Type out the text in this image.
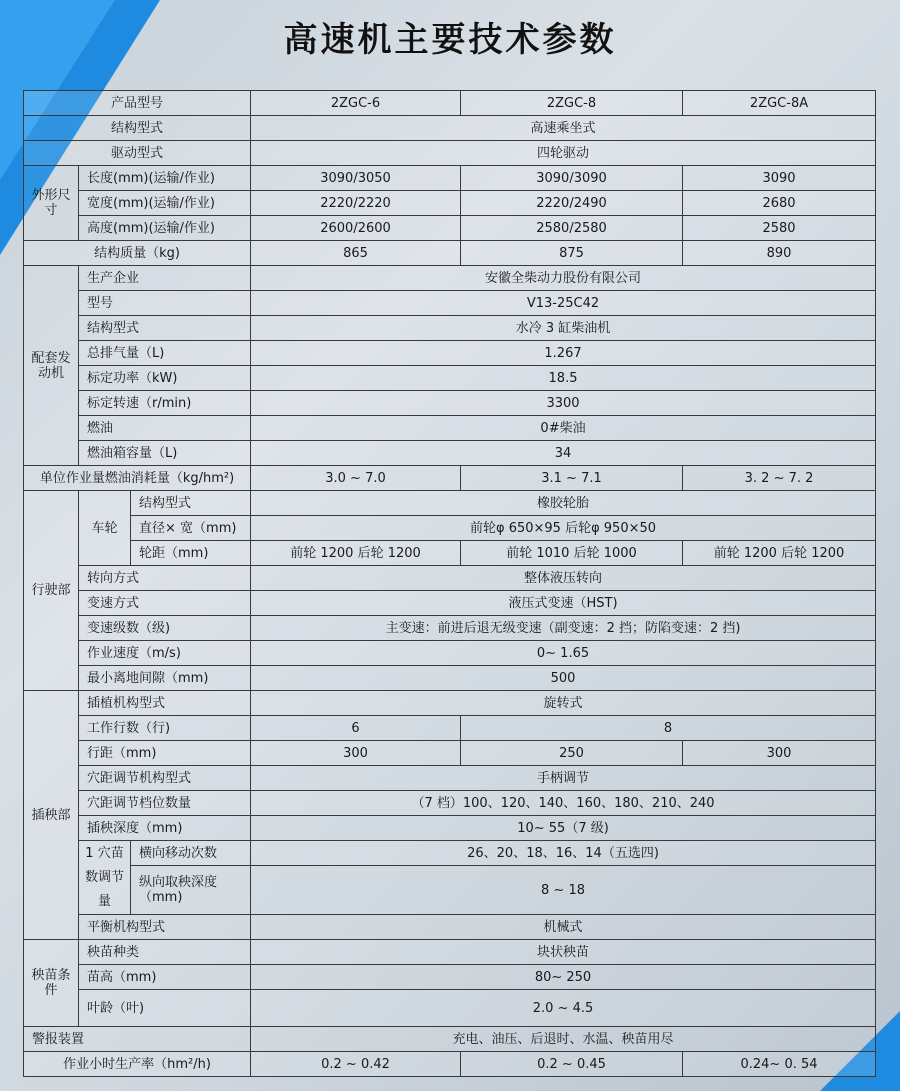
高速机主要技术参数
产品型号			2ZGC-6	2ZGC-8	2ZGC-8A
结构型式			高速乘坐式		
驱动型式			四轮驱动		
外形尺寸	长度(mm)(运输/作业)		3090/3050	3090/3090	3090
	宽度(mm)(运输/作业)		2220/2220	2220/2490	2680
	高度(mm)(运输/作业)		2600/2600	2580/2580	2580
结构质量（kg)			865	875	890
配套发动机	生产企业		安徽全柴动力股份有限公司		
	型号		V13-25C42		
	结构型式		水冷 3 缸柴油机		
	总排气量（L)		1.267		
	标定功率（kW)		18.5		
	标定转速（r/min)		3300		
	燃油		0#柴油		
	燃油箱容量（L)		34		
单位作业量燃油消耗量（kg/hm²)			3.0 ~ 7.0	3.1 ~ 7.1	3. 2 ~ 7. 2
行驶部	车轮	结构型式	橡胶轮胎		
		直径× 宽（mm)	前轮φ 650×95 后轮φ 950×50		
		轮距（mm)	前轮 1200 后轮 1200	前轮 1010 后轮 1000	前轮 1200 后轮 1200
	转向方式		整体液压转向		
	变速方式		液压式变速（HST)		
	变速级数（级)		主变速：前进后退无级变速（副变速：2 挡；防陷变速：2 挡)		
	作业速度（m/s)		0~ 1.65		
	最小离地间隙（mm)		500		
插秧部	插植机构型式		旋转式		
	工作行数（行)		6	8	
	行距（mm)		300	250	300
	穴距调节机构型式		手柄调节		
	穴距调节档位数量		（7 档）100、120、140、160、180、210、240		
	插秧深度（mm)		10~ 55（7 级)		
	1 穴苗数调节量	横向移动次数	26、20、18、16、14（五选四)		
		纵向取秧深度（mm)	8 ~ 18		

	平衡机构型式		机械式		
秧苗条件	秧苗种类		块状秧苗		
	苗高（mm)		80~ 250		
	叶龄（叶)		2.0 ~ 4.5		
警报装置			充电、油压、后退时、水温、秧苗用尽		
作业小时生产率（hm²/h)			0.2 ~ 0.42	0.2 ~ 0.45	0.24~ 0. 54
